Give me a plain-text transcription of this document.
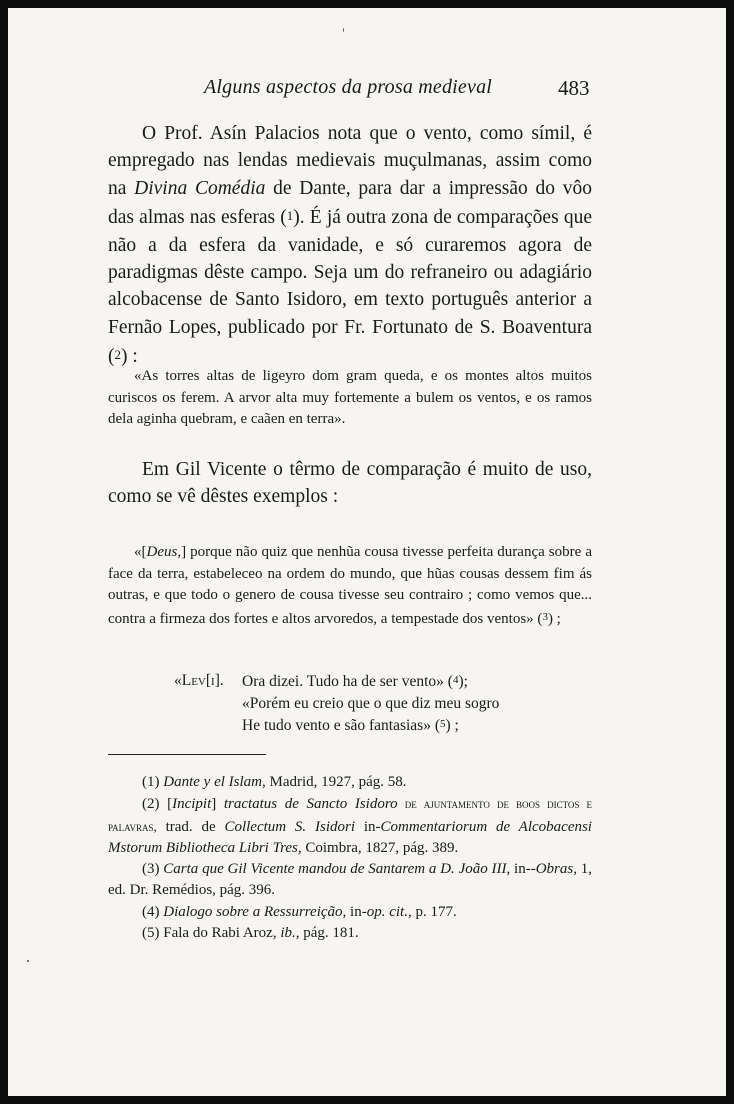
Alguns aspectos da prosa medieval	483

O Prof. Asín Palacios nota que o vento, como símil, é empregado nas lendas medievais muçulmanas, assim como na Divina Comédia de Dante, para dar a impressão do vôo das almas nas esferas (1). É já outra zona de comparações que não a da esfera da vanidade, e só curaremos agora de paradigmas dêste campo. Seja um do refraneiro ou adagiário alcobacense de Santo Isidoro, em texto português anterior a Fernão Lopes, publicado por Fr. Fortunato de S. Boaventura (2) :

«As torres altas de ligeyro dom gram queda, e os montes altos muitos curiscos os ferem. A arvor alta muy fortemente a bulem os ventos, e os ramos dela aginha quebram, e caãen en terra».

Em Gil Vicente o têrmo de comparação é muito de uso, como se vê dêstes exemplos :

«[Deus,] porque não quiz que nenhũa cousa tivesse perfeita durança sobre a face da terra, estabeleceo na ordem do mundo, que hũas cousas dessem fim ás outras, e que todo o genero de cousa tivesse seu contrairo ; como vemos que... contra a firmeza dos fortes e altos arvoredos, a tempestade dos ventos» ($^3$) ;

«Lev[i].	Ora dizei. Tudo ha de ser vento» (4);
«Porém eu creio que o que diz meu sogro
He tudo vento e são fantasias» (5) ;

(1) Dante y el Islam, Madrid, 1927, pág. 58.

(2) [Incipit] tractatus de Sancto Isidoro de ajuntamento de boos dictos e palavras, trad. de Collectum S. Isidori in-Commentariorum de Alcobacensi Mstorum Bibliotheca Libri Tres, Coimbra, 1827, pág. 389.

(3) Carta que Gil Vicente mandou de Santarem a D. João III, in--Obras, 1, ed. Dr. Remédios, pág. 396.

(4) Dialogo sobre a Ressurreição, in-op. cit., p. 177.

(5) Fala do Rabi Aroz, ib., pág. 181.
